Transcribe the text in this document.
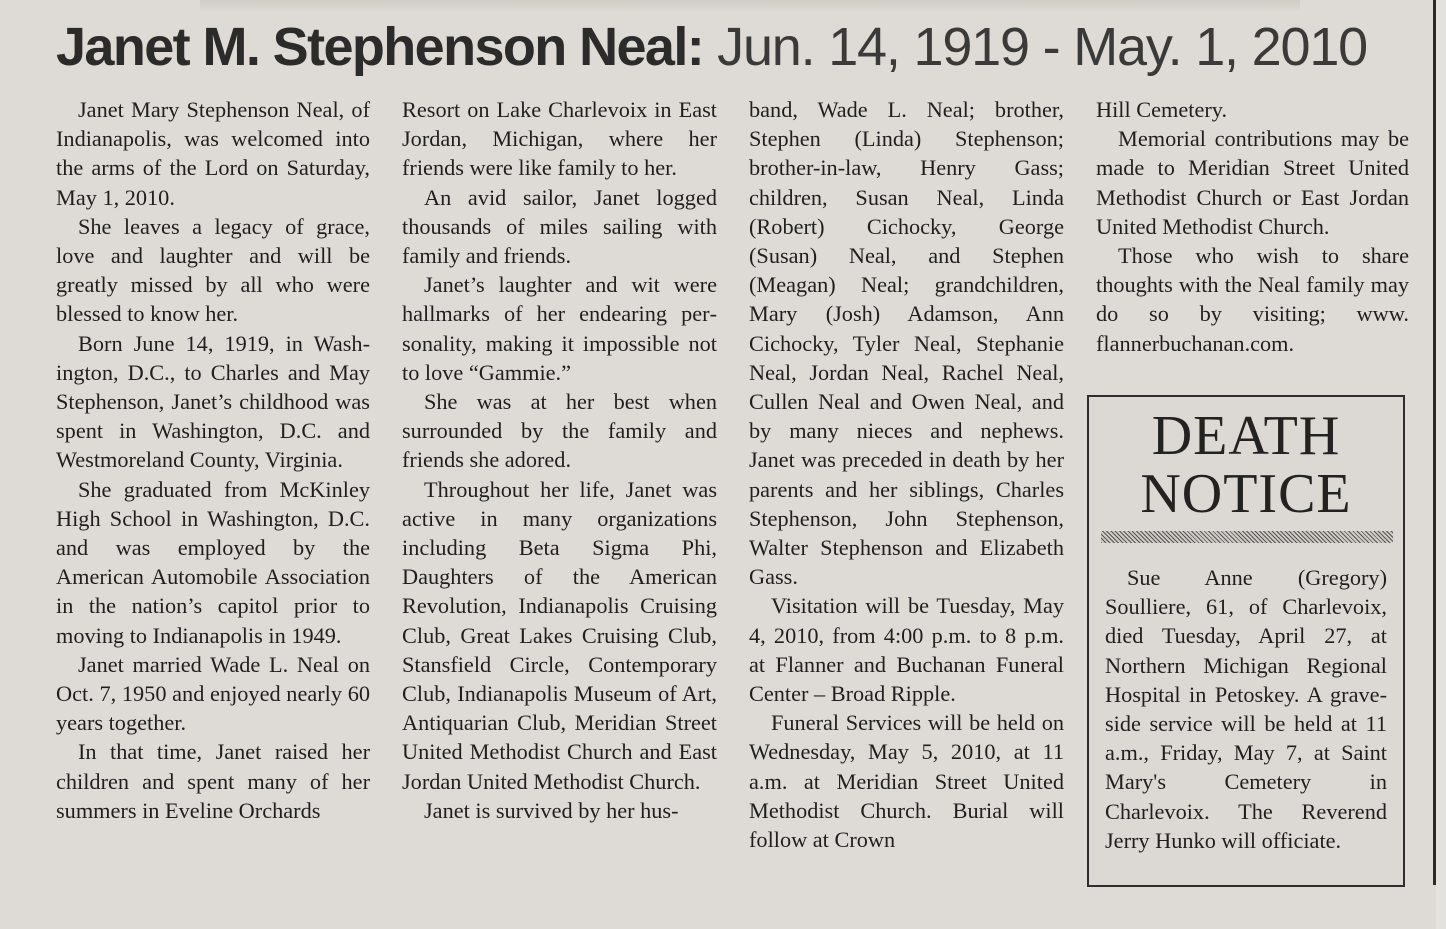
Janet M. Stephenson Neal: Jun. 14, 1919 - May. 1, 2010

Janet Mary Stephenson Neal, of Indianapolis, was welcomed into the arms of the Lord on Saturday, May 1, 2010.

She leaves a legacy of grace, love and laughter and will be greatly missed by all who were blessed to know her.

Born June 14, 1919, in Washington, D.C., to Charles and May Stephenson, Janet’s childhood was spent in Washington, D.C. and Westmoreland County, Virginia.

She graduated from McKinley High School in Washington, D.C. and was employed by the American Automobile Association in the nation’s capitol prior to moving to Indianapolis in 1949.

Janet married Wade L. Neal on Oct. 7, 1950 and enjoyed nearly 60 years together.

In that time, Janet raised her children and spent many of her summers in Eveline Orchards

Resort on Lake Charlevoix in East Jordan, Michigan, where her friends were like family to her.

An avid sailor, Janet logged thousands of miles sailing with family and friends.

Janet’s laughter and wit were hallmarks of her endearing personality, making it impossible not to love “Gammie.”

She was at her best when surrounded by the family and friends she adored.

Throughout her life, Janet was active in many organizations including Beta Sigma Phi, Daughters of the American Revolution, Indianapolis Cruising Club, Great Lakes Cruising Club, Stansfield Circle, Contemporary Club, Indianapolis Museum of Art, Antiquarian Club, Meridian Street United Methodist Church and East Jordan United Methodist Church.

Janet is survived by her hus-

band, Wade L. Neal; brother, Stephen (Linda) Stephenson; brother-in-law, Henry Gass; children, Susan Neal, Linda (Robert) Cichocky, George (Susan) Neal, and Stephen (Meagan) Neal; grandchildren, Mary (Josh) Adamson, Ann Cichocky, Tyler Neal, Stephanie Neal, Jordan Neal, Rachel Neal, Cullen Neal and Owen Neal, and by many nieces and nephews. Janet was preceded in death by her parents and her siblings, Charles Stephenson, John Stephenson, Walter Stephenson and Elizabeth Gass.

Visitation will be Tuesday, May 4, 2010, from 4:00 p.m. to 8 p.m. at Flanner and Buchanan Funeral Center – Broad Ripple.

Funeral Services will be held on Wednesday, May 5, 2010, at 11 a.m. at Meridian Street United Methodist Church. Burial will follow at Crown

Hill Cemetery.

Memorial contributions may be made to Meridian Street United Methodist Church or East Jordan United Methodist Church.

Those who wish to share thoughts with the Neal family may do so by visiting; www. flannerbuchanan.com.

DEATH
NOTICE
Sue Anne (Gregory) Soulliere, 61, of Charlevoix, died Tuesday, April 27, at Northern Michigan Regional Hospital in Petoskey. A graveside service will be held at 11 a.m., Friday, May 7, at Saint Mary's Cemetery in Charlevoix. The Reverend Jerry Hunko will officiate.
